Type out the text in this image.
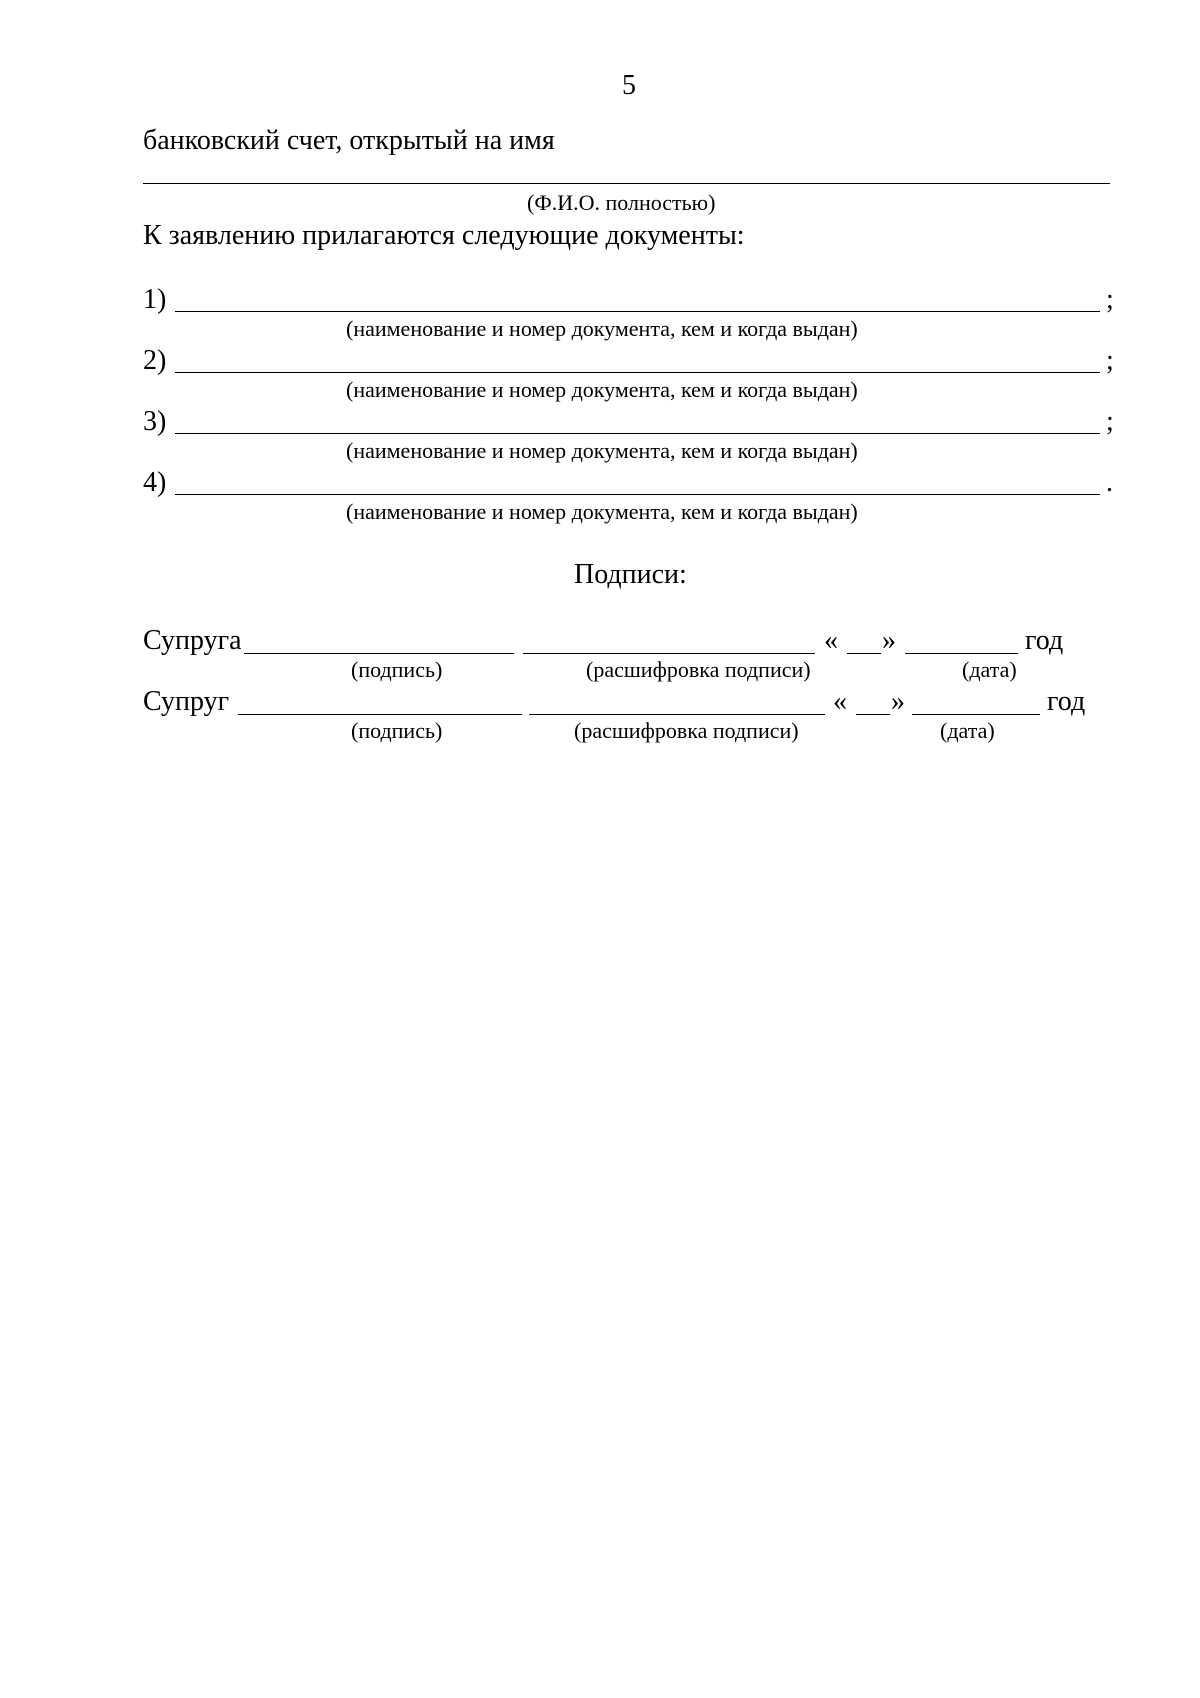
5
банковский счет, открытый на имя
(Ф.И.О. полностью)
К заявлению прилагаются следующие документы:
1)	;
(наименование и номер документа, кем и когда выдан)
2)	;
(наименование и номер документа, кем и когда выдан)
3)	;
(наименование и номер документа, кем и когда выдан)
4)	.
(наименование и номер документа, кем и когда выдан)
Подписи:
Супруга	« »	год
(подпись)	(расшифровка подписи)	(дата)
Супруг	« »	год
(подпись)	(расшифровка подписи)	(дата)
